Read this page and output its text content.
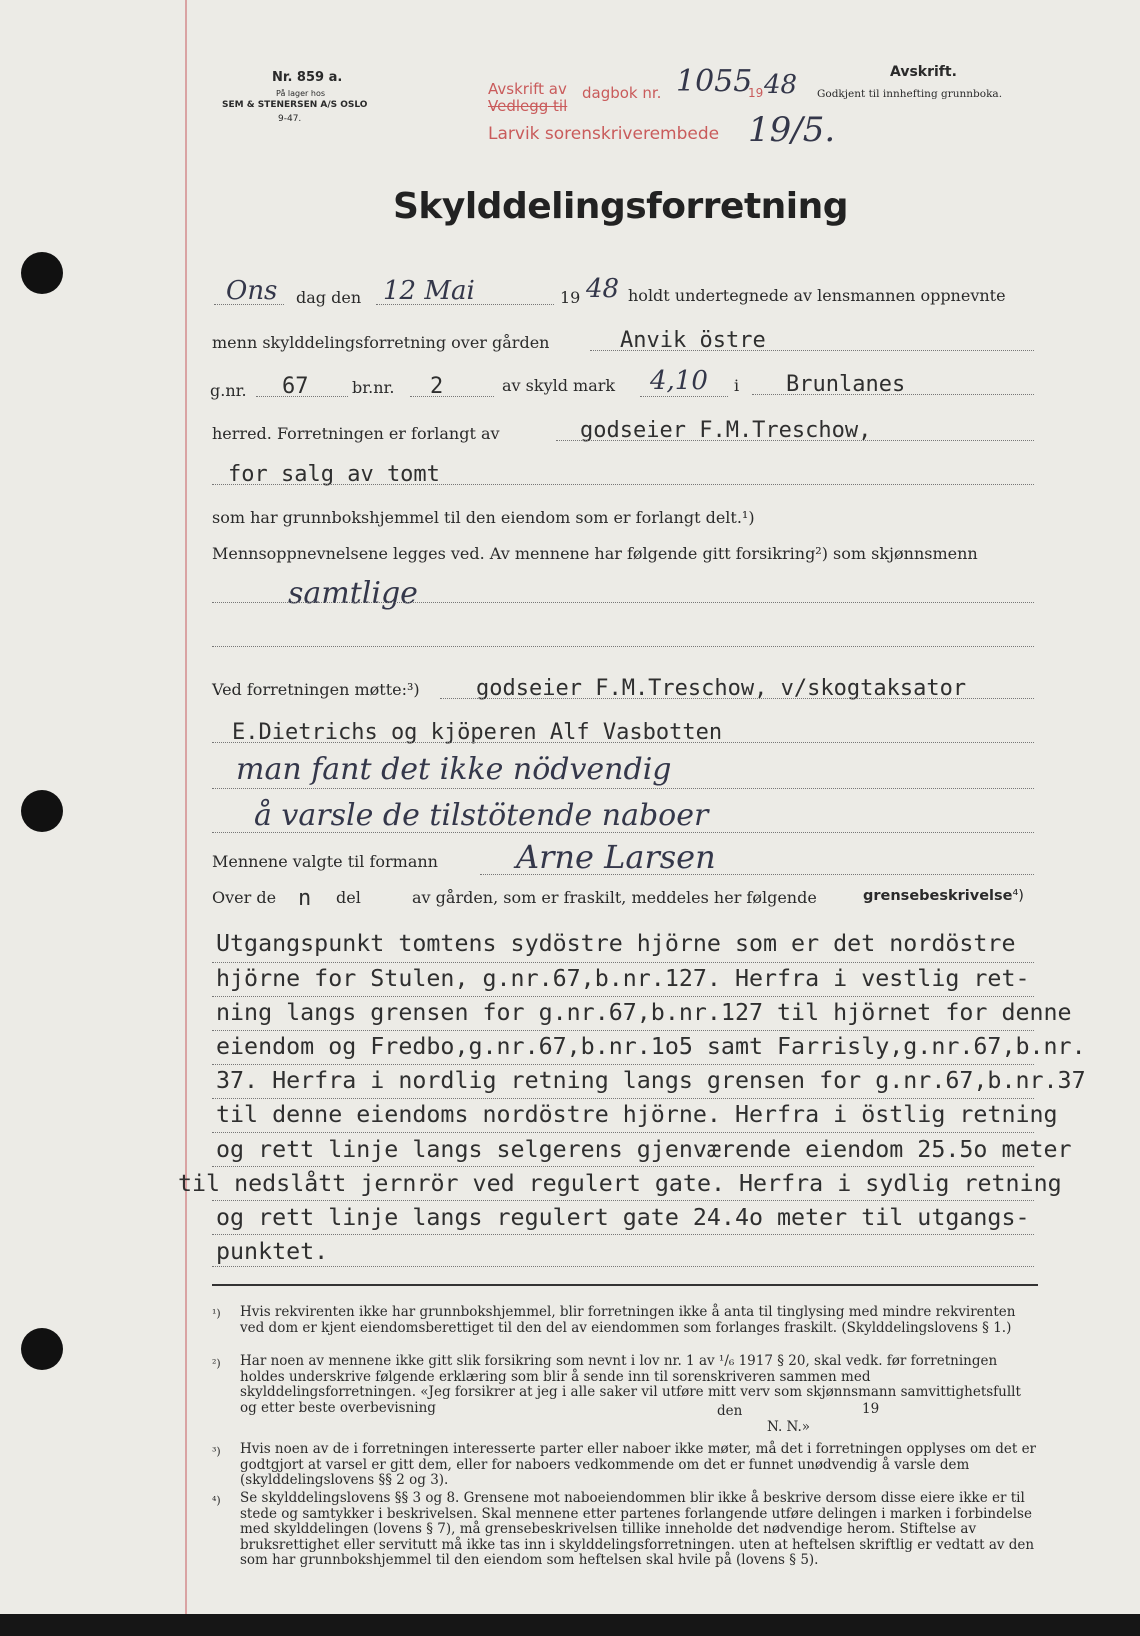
Nr. 859 a.
På lager hos
SEM & STENERSEN A/S OSLO
9-47.
Avskrift av
Vedlegg til
dagbok nr. 1055
19 48
Larvik sorenskriverembede 19/5.
Avskrift.
Godkjent til innhefting grunnboka.
Skylddelingsforretning
Ons dag den 12 Mai	19 48 holdt undertegnede av lensmannen oppnevnte
menn skylddelingsforretning over gården	Anvik östre
g.nr. 67	br.nr. 2	av skyld mark 4,10 i Brunlanes
herred. Forretningen er forlangt av	godseier F.M.Treschow,
for salg av tomt
som har grunnbokshjemmel til den eiendom som er forlangt delt.¹)
Mennsoppnevnelsene legges ved. Av mennene har følgende gitt forsikring²) som skjønnsmenn
samtlige
Ved forretningen møtte:³)	godseier F.M.Treschow, v/skogtaksator
E.Dietrichs og kjöperen Alf Vasbotten
man fant det ikke nödvendig
å varsle de tilstötende naboer
Mennene valgte til formann Arne Larsen
Over de n del	av gården, som er fraskilt, meddeles her følgende	grensebeskrivelse⁴)
Utgangspunkt tomtens sydöstre hjörne som er det nordöstre
hjörne for Stulen, g.nr.67,b.nr.127. Herfra i vestlig ret-
ning langs grensen for g.nr.67,b.nr.127 til hjörnet for denne
eiendom og Fredbo,g.nr.67,b.nr.1o5 samt Farrisly,g.nr.67,b.nr.
37. Herfra i nordlig retning langs grensen for g.nr.67,b.nr.37
til denne eiendoms nordöstre hjörne. Herfra i östlig retning
og rett linje langs selgerens gjenværende eiendom 25.5o meter
til nedslått jernrör ved regulert gate. Herfra i sydlig retning
og rett linje langs regulert gate 24.4o meter til utgangs-
punktet.
¹) Hvis rekvirenten ikke har grunnbokshjemmel, blir forretningen ikke å anta til tinglysing med mindre rekvirenten ved dom er kjent eiendomsberettiget til den del av eiendommen som forlanges fraskilt. (Skylddelingslovens § 1.)
²) Har noen av mennene ikke gitt slik forsikring som nevnt i lov nr. 1 av ¹/₆ 1917 § 20, skal vedk. før forretningen holdes underskrive følgende erklæring som blir å sende inn til sorenskriveren sammen med skylddelingsforretningen. «Jeg forsikrer at jeg i alle saker vil utføre mitt verv som skjønnsmann samvittighetsfullt og etter beste overbevisning	den	19
N. N.»
³) Hvis noen av de i forretningen interesserte parter eller naboer ikke møter, må det i forretningen opplyses om det er godtgjort at varsel er gitt dem, eller for naboers vedkommende om det er funnet unødvendig å varsle dem (skylddelingslovens §§ 2 og 3).
⁴) Se skylddelingslovens §§ 3 og 8. Grensene mot naboeiendommen blir ikke å beskrive dersom disse eiere ikke er til stede og samtykker i beskrivelsen. Skal mennene etter partenes forlangende utføre delingen i marken i forbindelse med skylddelingen (lovens § 7), må grensebeskrivelsen tillike inneholde det nødvendige herom. Stiftelse av bruksrettighet eller servitutt må ikke tas inn i skylddelingsforretningen. uten at heftelsen skriftlig er vedtatt av den som har grunnbokshjemmel til den eiendom som heftelsen skal hvile på (lovens § 5).
